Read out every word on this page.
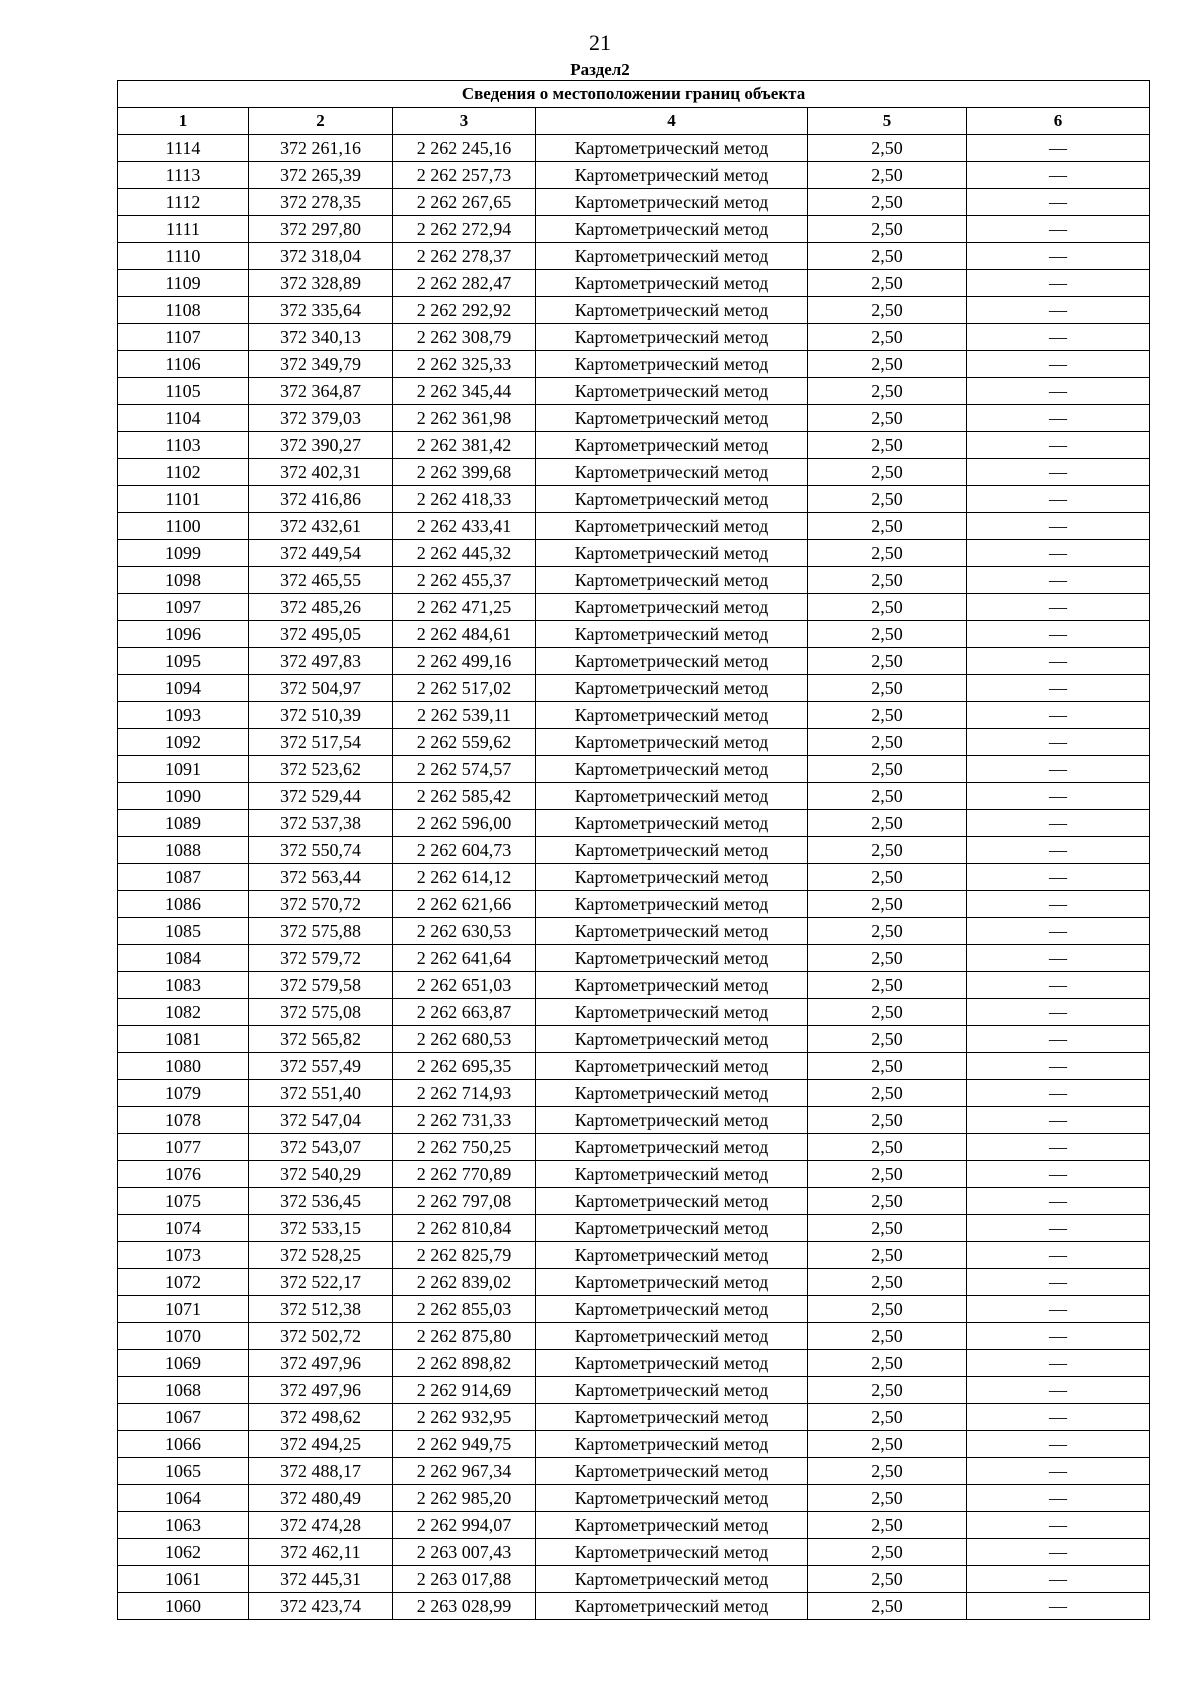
21
Раздел2
Сведения о местоположении границ объекта					
1	2	3	4	5	6
1114	372 261,16	2 262 245,16	Картометрический метод	2,50	—
1113	372 265,39	2 262 257,73	Картометрический метод	2,50	—
1112	372 278,35	2 262 267,65	Картометрический метод	2,50	—
1111	372 297,80	2 262 272,94	Картометрический метод	2,50	—
1110	372 318,04	2 262 278,37	Картометрический метод	2,50	—
1109	372 328,89	2 262 282,47	Картометрический метод	2,50	—
1108	372 335,64	2 262 292,92	Картометрический метод	2,50	—
1107	372 340,13	2 262 308,79	Картометрический метод	2,50	—
1106	372 349,79	2 262 325,33	Картометрический метод	2,50	—
1105	372 364,87	2 262 345,44	Картометрический метод	2,50	—
1104	372 379,03	2 262 361,98	Картометрический метод	2,50	—
1103	372 390,27	2 262 381,42	Картометрический метод	2,50	—
1102	372 402,31	2 262 399,68	Картометрический метод	2,50	—
1101	372 416,86	2 262 418,33	Картометрический метод	2,50	—
1100	372 432,61	2 262 433,41	Картометрический метод	2,50	—
1099	372 449,54	2 262 445,32	Картометрический метод	2,50	—
1098	372 465,55	2 262 455,37	Картометрический метод	2,50	—
1097	372 485,26	2 262 471,25	Картометрический метод	2,50	—
1096	372 495,05	2 262 484,61	Картометрический метод	2,50	—
1095	372 497,83	2 262 499,16	Картометрический метод	2,50	—
1094	372 504,97	2 262 517,02	Картометрический метод	2,50	—
1093	372 510,39	2 262 539,11	Картометрический метод	2,50	—
1092	372 517,54	2 262 559,62	Картометрический метод	2,50	—
1091	372 523,62	2 262 574,57	Картометрический метод	2,50	—
1090	372 529,44	2 262 585,42	Картометрический метод	2,50	—
1089	372 537,38	2 262 596,00	Картометрический метод	2,50	—
1088	372 550,74	2 262 604,73	Картометрический метод	2,50	—
1087	372 563,44	2 262 614,12	Картометрический метод	2,50	—
1086	372 570,72	2 262 621,66	Картометрический метод	2,50	—
1085	372 575,88	2 262 630,53	Картометрический метод	2,50	—
1084	372 579,72	2 262 641,64	Картометрический метод	2,50	—
1083	372 579,58	2 262 651,03	Картометрический метод	2,50	—
1082	372 575,08	2 262 663,87	Картометрический метод	2,50	—
1081	372 565,82	2 262 680,53	Картометрический метод	2,50	—
1080	372 557,49	2 262 695,35	Картометрический метод	2,50	—
1079	372 551,40	2 262 714,93	Картометрический метод	2,50	—
1078	372 547,04	2 262 731,33	Картометрический метод	2,50	—
1077	372 543,07	2 262 750,25	Картометрический метод	2,50	—
1076	372 540,29	2 262 770,89	Картометрический метод	2,50	—
1075	372 536,45	2 262 797,08	Картометрический метод	2,50	—
1074	372 533,15	2 262 810,84	Картометрический метод	2,50	—
1073	372 528,25	2 262 825,79	Картометрический метод	2,50	—
1072	372 522,17	2 262 839,02	Картометрический метод	2,50	—
1071	372 512,38	2 262 855,03	Картометрический метод	2,50	—
1070	372 502,72	2 262 875,80	Картометрический метод	2,50	—
1069	372 497,96	2 262 898,82	Картометрический метод	2,50	—
1068	372 497,96	2 262 914,69	Картометрический метод	2,50	—
1067	372 498,62	2 262 932,95	Картометрический метод	2,50	—
1066	372 494,25	2 262 949,75	Картометрический метод	2,50	—
1065	372 488,17	2 262 967,34	Картометрический метод	2,50	—
1064	372 480,49	2 262 985,20	Картометрический метод	2,50	—
1063	372 474,28	2 262 994,07	Картометрический метод	2,50	—
1062	372 462,11	2 263 007,43	Картометрический метод	2,50	—
1061	372 445,31	2 263 017,88	Картометрический метод	2,50	—
1060	372 423,74	2 263 028,99	Картометрический метод	2,50	—
